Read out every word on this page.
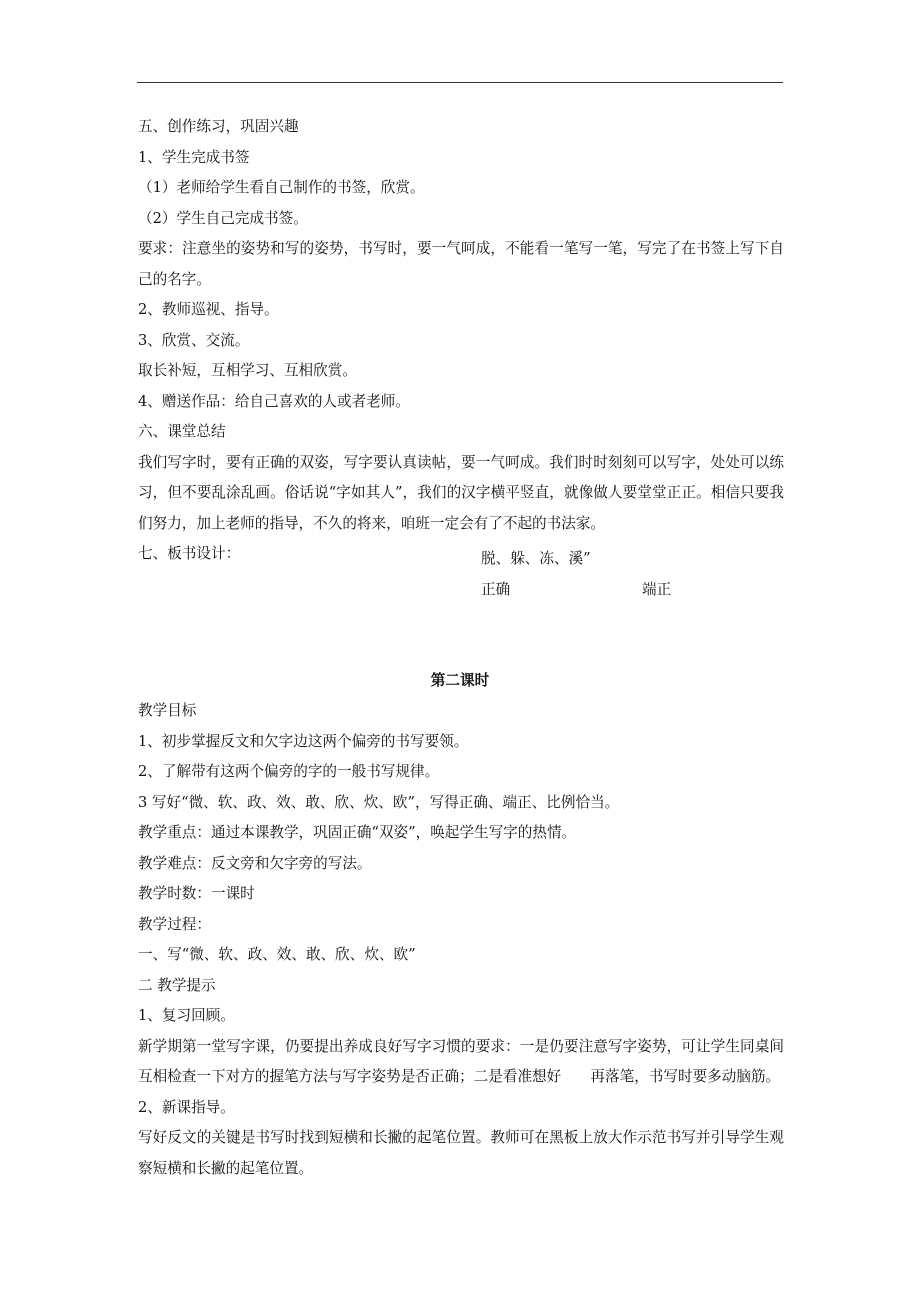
五、创作练习，巩固兴趣

1、学生完成书签

（1）老师给学生看自己制作的书签，欣赏。

（2）学生自己完成书签。

要求：注意坐的姿势和写的姿势，书写时，要一气呵成，不能看一笔写一笔，写完了在书签上写下自己的名字。

2、教师巡视、指导。

3、欣赏、交流。

取长补短，互相学习、互相欣赏。

4、赠送作品：给自己喜欢的人或者老师。

六、课堂总结

我们写字时，要有正确的双姿，写字要认真读帖，要一气呵成。我们时时刻刻可以写字，处处可以练习，但不要乱涂乱画。俗话说“字如其人”，我们的汉字横平竖直，就像做人要堂堂正正。相信只要我们努力，加上老师的指导，不久的将来，咱班一定会有了不起的书法家。

七、板书设计：	脱、躲、冻、溪”
正确	端正
第二课时

教学目标

1、初步掌握反文和欠字边这两个偏旁的书写要领。

2、了解带有这两个偏旁的字的一般书写规律。

3 写好“微、软、政、效、敢、欣、炊、欧”，写得正确、端正、比例恰当。

教学重点：通过本课教学，巩固正确“双姿”，唤起学生写字的热情。

教学难点：反文旁和欠字旁的写法。

教学时数：一课时

教学过程：

一、写“微、软、政、效、敢、欣、炊、欧”

二 教学提示

1、复习回顾。

新学期第一堂写字课，仍要提出养成良好写字习惯的要求：一是仍要注意写字姿势，可让学生同桌间互相检查一下对方的握笔方法与写字姿势是否正确；二是看准想好　　再落笔，书写时要多动脑筋。

2、新课指导。

写好反文的关键是书写时找到短横和长撇的起笔位置。教师可在黑板上放大作示范书写并引导学生观察短横和长撇的起笔位置。
